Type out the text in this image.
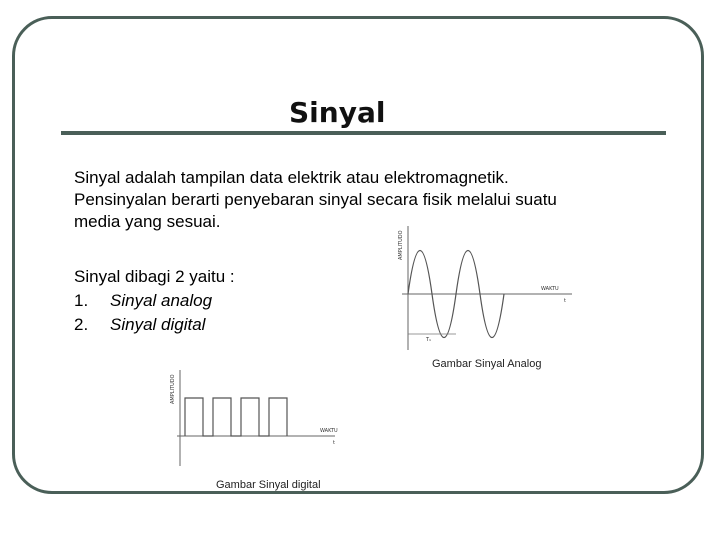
Sinyal
Sinyal adalah tampilan data elektrik atau elektromagnetik.
Pensinyalan berarti penyebaran sinyal secara fisik melalui suatu
media yang sesuai.
Sinyal dibagi 2 yaitu :
1. Sinyal analog
2. Sinyal digital
AMPLITUDO
WAKTU
t
T₁
Gambar Sinyal Analog
AMPLITUDO
WAKTU
t
Gambar Sinyal digital
